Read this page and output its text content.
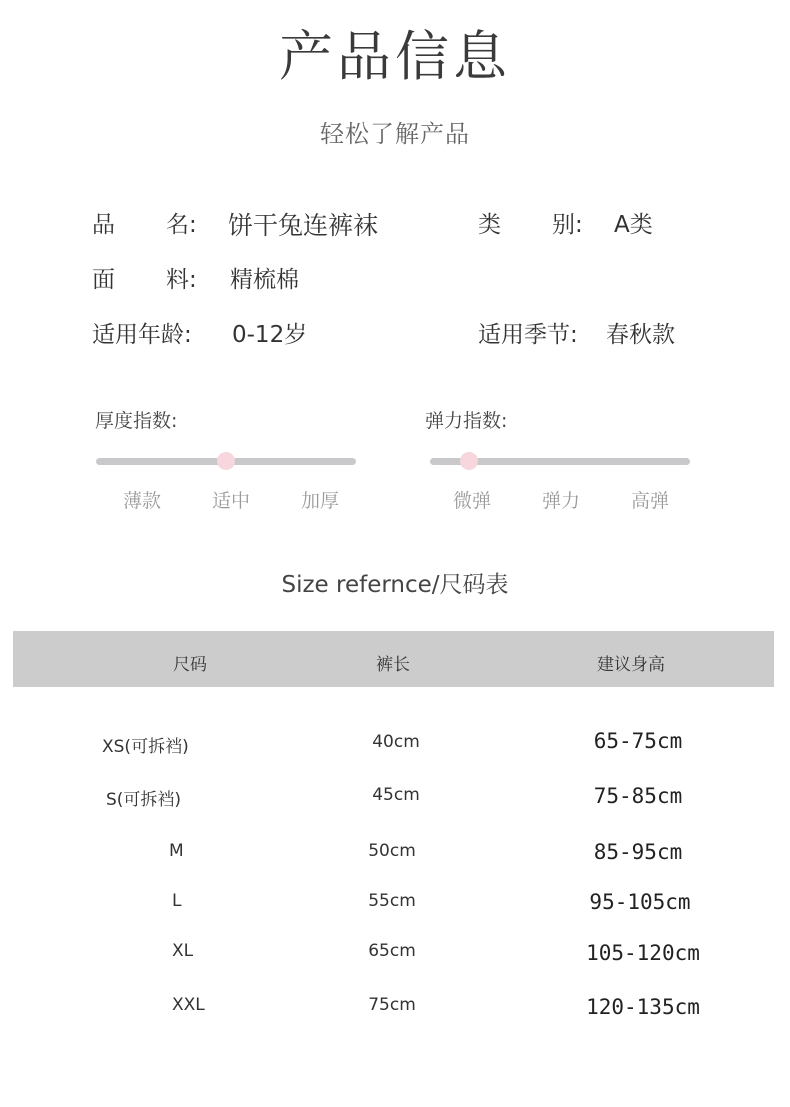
产品信息
轻松了解产品
品 名: 饼干兔连裤袜	类 别: A类
面 料: 精梳棉
适用年龄: 0-12岁	适用季节: 春秋款
厚度指数:
薄款	适中	加厚
弹力指数:
微弹	弹力	高弹
Size refernce/尺码表
尺码	裤长	建议身高
XS(可拆裆)	40cm	65-75cm
S(可拆裆)	45cm	75-85cm
M	50cm	85-95cm
L	55cm	95-105cm
XL	65cm	105-120cm
XXL	75cm	120-135cm
